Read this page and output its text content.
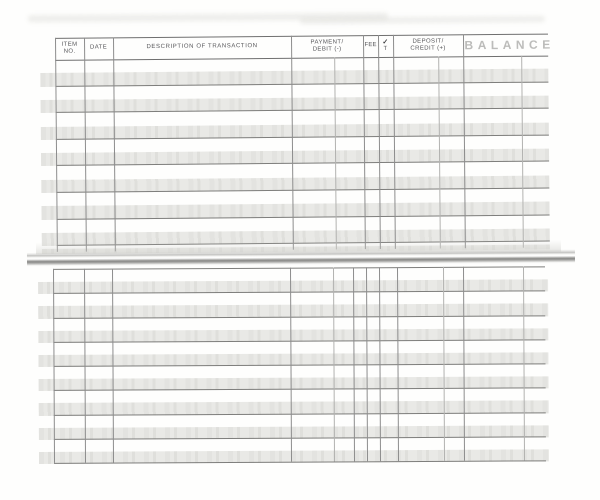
ITEM
NO.
DATE	DESCRIPTION OF TRANSACTION
PAYMENT/
DEBIT (-)
FEE ✓
T
DEPOSIT/
CREDIT (+) BALANCE
